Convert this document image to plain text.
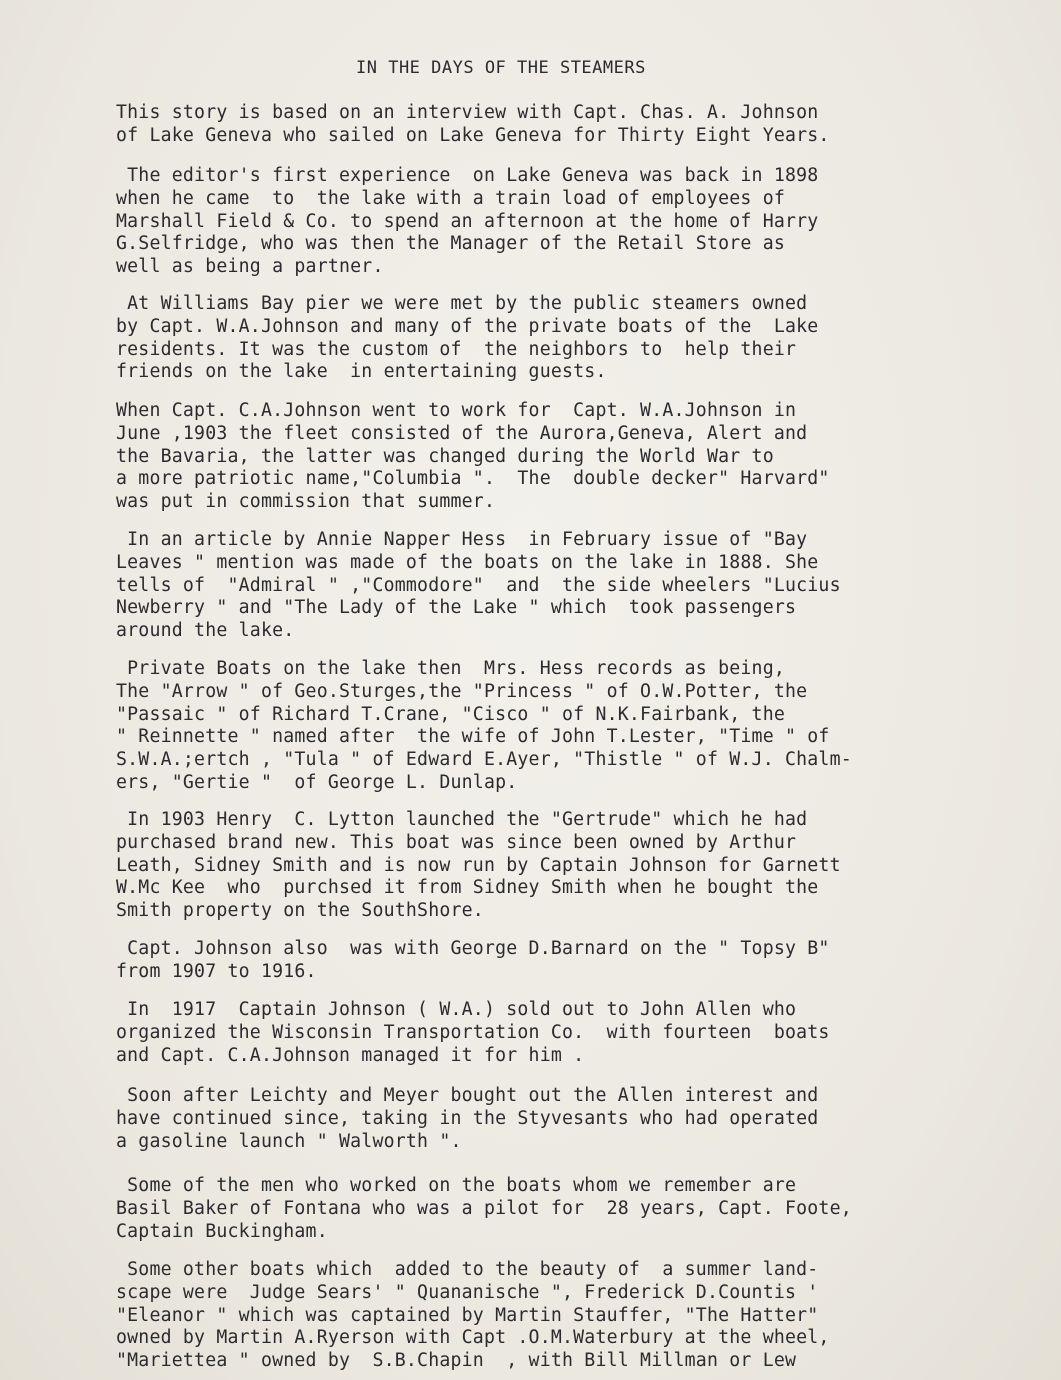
IN THE DAYS OF THE STEAMERS
This story is based on an interview with Capt. Chas. A. Johnson
of Lake Geneva who sailed on Lake Geneva for Thirty Eight Years.
The editor's first experience  on Lake Geneva was back in 1898
when he came  to  the lake with a train load of employees of
Marshall Field & Co. to spend an afternoon at the home of Harry
G.Selfridge, who was then the Manager of the Retail Store as
well as being a partner.
At Williams Bay pier we were met by the public steamers owned
by Capt. W.A.Johnson and many of the private boats of the  Lake
residents. It was the custom of  the neighbors to  help their
friends on the lake  in entertaining guests.
When Capt. C.A.Johnson went to work for  Capt. W.A.Johnson in
June ,1903 the fleet consisted of the Aurora,Geneva, Alert and
the Bavaria, the latter was changed during the World War to
a more patriotic name,"Columbia ".  The  double decker" Harvard"
was put in commission that summer.
In an article by Annie Napper Hess  in February issue of "Bay
Leaves " mention was made of the boats on the lake in 1888. She
tells of  "Admiral " ,"Commodore"  and  the side wheelers "Lucius
Newberry " and "The Lady of the Lake " which  took passengers
around the lake.
Private Boats on the lake then  Mrs. Hess records as being,
The "Arrow " of Geo.Sturges,the "Princess " of O.W.Potter, the
"Passaic " of Richard T.Crane, "Cisco " of N.K.Fairbank, the
" Reinnette " named after  the wife of John T.Lester, "Time " of
S.W.A.;ertch , "Tula " of Edward E.Ayer, "Thistle " of W.J. Chalm-
ers, "Gertie "  of George L. Dunlap.
In 1903 Henry  C. Lytton launched the "Gertrude" which he had
purchased brand new. This boat was since been owned by Arthur
Leath, Sidney Smith and is now run by Captain Johnson for Garnett
W.Mc Kee  who  purchsed it from Sidney Smith when he bought the
Smith property on the SouthShore.
Capt. Johnson also  was with George D.Barnard on the " Topsy B"
from 1907 to 1916.
In  1917  Captain Johnson ( W.A.) sold out to John Allen who
organized the Wisconsin Transportation Co.  with fourteen  boats
and Capt. C.A.Johnson managed it for him .
Soon after Leichty and Meyer bought out the Allen interest and
have continued since, taking in the Styvesants who had operated
a gasoline launch " Walworth ".
Some of the men who worked on the boats whom we remember are
Basil Baker of Fontana who was a pilot for  28 years, Capt. Foote,
Captain Buckingham.
Some other boats which  added to the beauty of  a summer land-
scape were  Judge Sears' " Quananische ", Frederick D.Countis '
"Eleanor " which was captained by Martin Stauffer, "The Hatter"
owned by Martin A.Ryerson with Capt .O.M.Waterbury at the wheel,
"Mariettea " owned by  S.B.Chapin  , with Bill Millman or Lew
